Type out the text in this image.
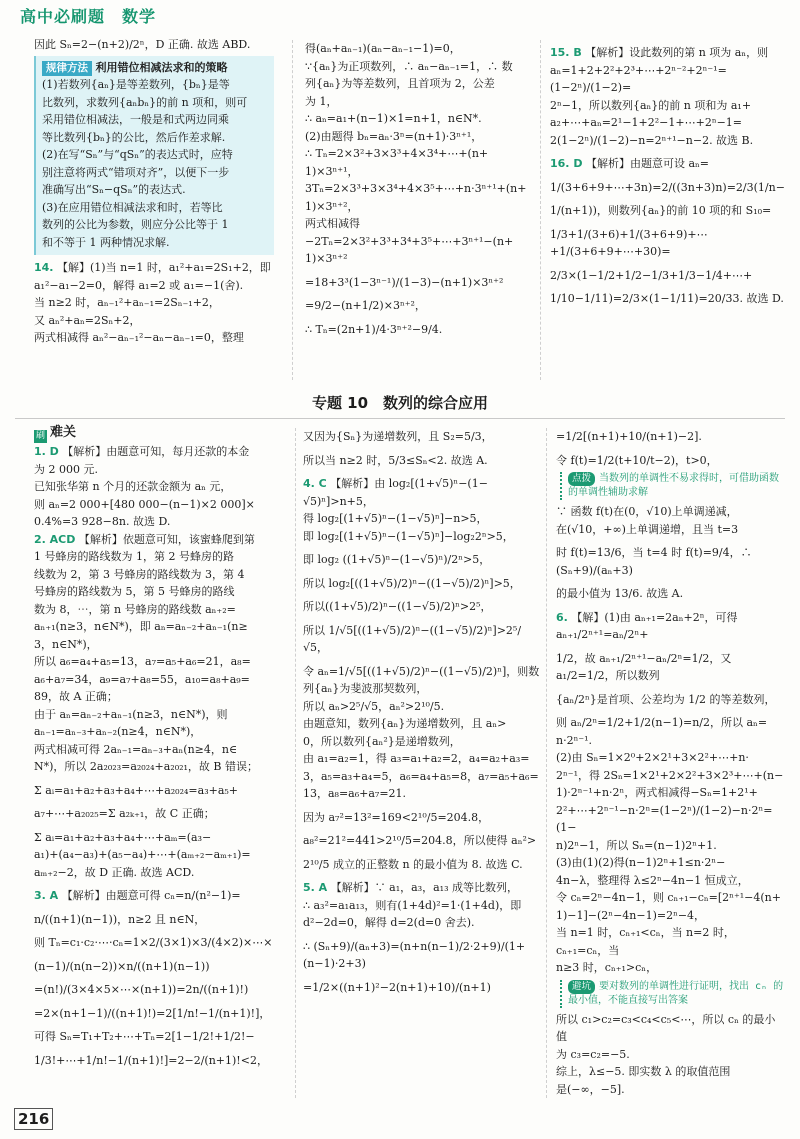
高中必刷题　数学

因此 Sₙ=2−(n+2)/2ⁿ，D 正确. 故选 ABD.

规律方法 利用错位相减法求和的策略

(1)若数列{aₙ}是等差数列，{bₙ}是等

比数列，求数列{aₙbₙ}的前 n 项和，则可

采用错位相减法，一般是和式两边同乘

等比数列{bₙ}的公比，然后作差求解.

(2)在写“Sₙ”与“qSₙ”的表达式时，应特

别注意将两式“错项对齐”，以便下一步

准确写出“Sₙ−qSₙ”的表达式.

(3)在应用错位相减法求和时，若等比

数列的公比为参数，则应分公比等于 1

和不等于 1 两种情况求解.

14. 【解】(1)当 n=1 时，a₁²+a₁=2S₁+2，即

a₁²−a₁−2=0，解得 a₁=2 或 a₁=−1(舍).

当 n≥2 时，aₙ₋₁²+aₙ₋₁=2Sₙ₋₁+2，

又 aₙ²+aₙ=2Sₙ+2，

两式相减得 aₙ²−aₙ₋₁²−aₙ−aₙ₋₁=0，整理

得(aₙ+aₙ₋₁)(aₙ−aₙ₋₁−1)=0，

∵{aₙ}为正项数列，∴ aₙ−aₙ₋₁=1，∴ 数

列{aₙ}为等差数列，且首项为 2，公差

为 1，

∴ aₙ=a₁+(n−1)×1=n+1，n∈N*.

(2)由题得 bₙ=aₙ·3ⁿ=(n+1)·3ⁿ⁺¹，

∴ Tₙ=2×3²+3×3³+4×3⁴+⋯+(n+

1)×3ⁿ⁺¹，

3Tₙ=2×3³+3×3⁴+4×3⁵+⋯+n·3ⁿ⁺¹+(n+

1)×3ⁿ⁺²，

两式相减得

−2Tₙ=2×3²+3³+3⁴+3⁵+⋯+3ⁿ⁺¹−(n+

1)×3ⁿ⁺²

=18+3³(1−3ⁿ⁻¹)/(1−3)−(n+1)×3ⁿ⁺²

=9/2−(n+1/2)×3ⁿ⁺²，

∴ Tₙ=(2n+1)/4·3ⁿ⁺²−9/4.

15. B 【解析】设此数列的第 n 项为 aₙ，则

aₙ=1+2+2²+2³+⋯+2ⁿ⁻²+2ⁿ⁻¹=(1−2ⁿ)/(1−2)=

2ⁿ−1，所以数列{aₙ}的前 n 项和为 a₁+

a₂+⋯+aₙ=2¹−1+2²−1+⋯+2ⁿ−1=

2(1−2ⁿ)/(1−2)−n=2ⁿ⁺¹−n−2. 故选 B.

16. D 【解析】由题意可设 aₙ=

1/(3+6+9+⋯+3n)=2/((3n+3)n)=2/3(1/n−

1/(n+1))，则数列{aₙ}的前 10 项的和 S₁₀=

1/3+1/(3+6)+1/(3+6+9)+⋯+1/(3+6+9+⋯+30)=

2/3×(1−1/2+1/2−1/3+1/3−1/4+⋯+

1/10−1/11)=2/3×(1−1/11)=20/33. 故选 D.

专题 10　数列的综合应用

刷 难关

1. D 【解析】由题意可知，每月还款的本金

为 2 000 元.

已知张华第 n 个月的还款金额为 aₙ 元，

则 aₙ=2 000+[480 000−(n−1)×2 000]×

0.4%=3 928−8n. 故选 D.

2. ACD 【解析】依题意可知，该蜜蜂爬到第

1 号蜂房的路线数为 1，第 2 号蜂房的路

线数为 2，第 3 号蜂房的路线数为 3，第 4

号蜂房的路线数为 5，第 5 号蜂房的路线

数为 8，⋯，第 n 号蜂房的路线数 aₙ₊₂=

aₙ₊₁(n≥3，n∈N*)，即 aₙ=aₙ₋₂+aₙ₋₁(n≥

3，n∈N*)，

所以 a₆=a₄+a₅=13，a₇=a₅+a₆=21，a₈=

a₆+a₇=34，a₉=a₇+a₈=55，a₁₀=a₈+a₉=

89，故 A 正确；

由于 aₙ=aₙ₋₂+aₙ₋₁(n≥3，n∈N*)，则

aₙ₋₁=aₙ₋₃+aₙ₋₂(n≥4，n∈N*)，

两式相减可得 2aₙ₋₁=aₙ₋₃+aₙ(n≥4，n∈

N*)，所以 2a₂₀₂₃=a₂₀₂₄+a₂₀₂₁，故 B 错误；

Σ aᵢ=a₁+a₂+a₃+a₄+⋯+a₂₀₂₄=a₃+a₅+

a₇+⋯+a₂₀₂₅=Σ a₂ₖ₊₁，故 C 正确；

Σ aᵢ=a₁+a₂+a₃+a₄+⋯+aₘ=(a₃−

a₁)+(a₄−a₃)+(a₅−a₄)+⋯+(aₘ₊₂−aₘ₊₁)=

aₘ₊₂−2，故 D 正确. 故选 ACD.

3. A 【解析】由题意可得 cₙ=n/(n²−1)=

n/((n+1)(n−1))，n≥2 且 n∈N，

则 Tₙ=c₁·c₂·⋯·cₙ=1×2/(3×1)×3/(4×2)×⋯×

(n−1)/(n(n−2))×n/((n+1)(n−1))

=(n!)/(3×4×5×⋯×(n+1))=2n/((n+1)!)

=2×(n+1−1)/((n+1)!)=2[1/n!−1/(n+1)!]，

可得 Sₙ=T₁+T₂+⋯+Tₙ=2[1−1/2!+1/2!−

1/3!+⋯+1/n!−1/(n+1)!]=2−2/(n+1)!<2，

又因为{Sₙ}为递增数列，且 S₂=5/3，

所以当 n≥2 时，5/3≤Sₙ<2. 故选 A.

4. C 【解析】由 log₂[(1+√5)ⁿ−(1−

√5)ⁿ]>n+5，

得 log₂[(1+√5)ⁿ−(1−√5)ⁿ]−n>5，

即 log₂[(1+√5)ⁿ−(1−√5)ⁿ]−log₂2ⁿ>5，

即 log₂ ((1+√5)ⁿ−(1−√5)ⁿ)/2ⁿ>5，

所以 log₂[((1+√5)/2)ⁿ−((1−√5)/2)ⁿ]>5，

所以((1+√5)/2)ⁿ−((1−√5)/2)ⁿ>2⁵，

所以 1/√5[((1+√5)/2)ⁿ−((1−√5)/2)ⁿ]>2⁵/√5，

令 aₙ=1/√5[((1+√5)/2)ⁿ−((1−√5)/2)ⁿ]，则数

列{aₙ}为斐波那契数列，

所以 aₙ>2⁵/√5，aₙ²>2¹⁰/5.

由题意知，数列{aₙ}为递增数列，且 aₙ>

0，所以数列{aₙ²}是递增数列，

由 a₁=a₂=1，得 a₃=a₁+a₂=2，a₄=a₂+a₃=

3，a₅=a₃+a₄=5，a₆=a₄+a₅=8，a₇=a₅+a₆=

13，a₈=a₆+a₇=21.

因为 a₇²=13²=169<2¹⁰/5=204.8，

a₈²=21²=441>2¹⁰/5=204.8，所以使得 aₙ²>

2¹⁰/5 成立的正整数 n 的最小值为 8. 故选 C.

5. A 【解析】∵ a₁，a₃，a₁₃ 成等比数列，

∴ a₃²=a₁a₁₃，则有(1+4d)²=1·(1+4d)，即

d²−2d=0，解得 d=2(d=0 舍去).

∴ (Sₙ+9)/(aₙ+3)=(n+n(n−1)/2·2+9)/(1+(n−1)·2+3)

=1/2×((n+1)²−2(n+1)+10)/(n+1)

=1/2[(n+1)+10/(n+1)−2].

令 f(t)=1/2(t+10/t−2)，t>0，

点拨 当数列的单调性不易求得时，可借助函数的单调性辅助求解

∵ 函数 f(t)在(0，√10)上单调递减，

在(√10，+∞)上单调递增，且当 t=3

时 f(t)=13/6，当 t=4 时 f(t)=9/4，∴ (Sₙ+9)/(aₙ+3)

的最小值为 13/6. 故选 A.

6. 【解】(1)由 aₙ₊₁=2aₙ+2ⁿ，可得 aₙ₊₁/2ⁿ⁺¹=aₙ/2ⁿ+

1/2，故 aₙ₊₁/2ⁿ⁺¹−aₙ/2ⁿ=1/2，又 a₁/2=1/2，所以数列

{aₙ/2ⁿ}是首项、公差均为 1/2 的等差数列，

则 aₙ/2ⁿ=1/2+1/2(n−1)=n/2，所以 aₙ=

n·2ⁿ⁻¹.

(2)由 Sₙ=1×2⁰+2×2¹+3×2²+⋯+n·

2ⁿ⁻¹，得 2Sₙ=1×2¹+2×2²+3×2³+⋯+(n−

1)·2ⁿ⁻¹+n·2ⁿ，两式相减得−Sₙ=1+2¹+

2²+⋯+2ⁿ⁻¹−n·2ⁿ=(1−2ⁿ)/(1−2)−n·2ⁿ=(1−

n)2ⁿ−1，所以 Sₙ=(n−1)2ⁿ+1.

(3)由(1)(2)得(n−1)2ⁿ+1≤n·2ⁿ−

4n−λ，整理得 λ≤2ⁿ−4n−1 恒成立，

令 cₙ=2ⁿ−4n−1，则 cₙ₊₁−cₙ=[2ⁿ⁺¹−4(n+

1)−1]−(2ⁿ−4n−1)=2ⁿ−4，

当 n=1 时，cₙ₊₁<cₙ，当 n=2 时，cₙ₊₁=cₙ，当

n≥3 时，cₙ₊₁>cₙ，

避坑 要对数列的单调性进行证明，找出 cₙ 的最小值，不能直接写出答案

所以 c₁>c₂=c₃<c₄<c₅<⋯，所以 cₙ 的最小值

为 c₃=c₂=−5.

综上，λ≤−5. 即实数 λ 的取值范围

是(−∞，−5].

216
